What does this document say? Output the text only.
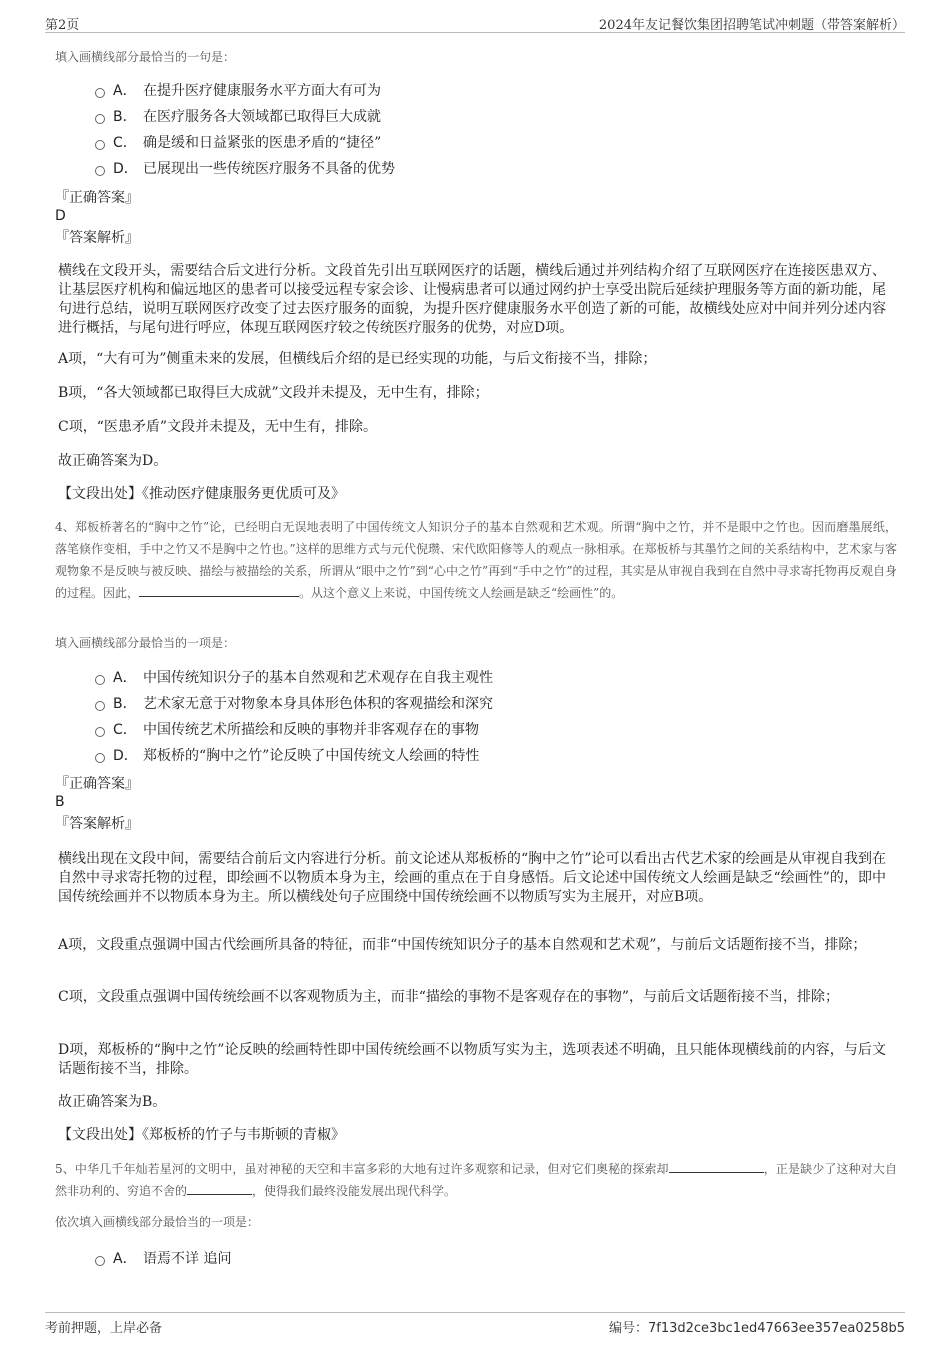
第2页	2024年友记餐饮集团招聘笔试冲刺题（带答案解析）
填入画横线部分最恰当的一句是：
A． 在提升医疗健康服务水平方面大有可为
B． 在医疗服务各大领域都已取得巨大成就
C． 确是缓和日益紧张的医患矛盾的“捷径”
D． 已展现出一些传统医疗服务不具备的优势
『正确答案』
D
『答案解析』
横线在文段开头，需要结合后文进行分析。文段首先引出互联网医疗的话题，横线后通过并列结构介绍了互联网医疗在连接医患双方、让基层医疗机构和偏远地区的患者可以接受远程专家会诊、让慢病患者可以通过网约护士享受出院后延续护理服务等方面的新功能，尾句进行总结，说明互联网医疗改变了过去医疗服务的面貌，为提升医疗健康服务水平创造了新的可能，故横线处应对中间并列分述内容进行概括，与尾句进行呼应，体现互联网医疗较之传统医疗服务的优势，对应D项。
A项，“大有可为”侧重未来的发展，但横线后介绍的是已经实现的功能，与后文衔接不当，排除；
B项，“各大领域都已取得巨大成就”文段并未提及，无中生有，排除；
C项，“医患矛盾”文段并未提及，无中生有，排除。
故正确答案为D。
【文段出处】《推动医疗健康服务更优质可及》
4、郑板桥著名的“胸中之竹”论，已经明白无误地表明了中国传统文人知识分子的基本自然观和艺术观。所谓“胸中之竹，并不是眼中之竹也。因而磨墨展纸，落笔倏作变相，手中之竹又不是胸中之竹也。”这样的思维方式与元代倪瓒、宋代欧阳修等人的观点一脉相承。在郑板桥与其墨竹之间的关系结构中，艺术家与客观物象不是反映与被反映、描绘与被描绘的关系，所谓从“眼中之竹”到“心中之竹”再到“手中之竹”的过程，其实是从审视自我到在自然中寻求寄托物再反观自身的过程。因此，	。从这个意义上来说，中国传统文人绘画是缺乏“绘画性”的。
填入画横线部分最恰当的一项是：
A． 中国传统知识分子的基本自然观和艺术观存在自我主观性
B． 艺术家无意于对物象本身具体形色体积的客观描绘和深究
C． 中国传统艺术所描绘和反映的事物并非客观存在的事物
D． 郑板桥的“胸中之竹”论反映了中国传统文人绘画的特性
『正确答案』
B
『答案解析』
横线出现在文段中间，需要结合前后文内容进行分析。前文论述从郑板桥的“胸中之竹”论可以看出古代艺术家的绘画是从审视自我到在自然中寻求寄托物的过程，即绘画不以物质本身为主，绘画的重点在于自身感悟。后文论述中国传统文人绘画是缺乏“绘画性”的，即中国传统绘画并不以物质本身为主。所以横线处句子应围绕中国传统绘画不以物质写实为主展开，对应B项。
A项，文段重点强调中国古代绘画所具备的特征，而非“中国传统知识分子的基本自然观和艺术观”，与前后文话题衔接不当，排除；
C项，文段重点强调中国传统绘画不以客观物质为主，而非“描绘的事物不是客观存在的事物”，与前后文话题衔接不当，排除；
D项，郑板桥的“胸中之竹”论反映的绘画特性即中国传统绘画不以物质写实为主，选项表述不明确，且只能体现横线前的内容，与后文话题衔接不当，排除。
故正确答案为B。
【文段出处】《郑板桥的竹子与韦斯顿的青椒》
5、中华几千年灿若星河的文明中，虽对神秘的天空和丰富多彩的大地有过许多观察和记录，但对它们奥秘的探索却	，正是缺少了这种对大自然非功利的、穷追不舍的	，使得我们最终没能发展出现代科学。
依次填入画横线部分最恰当的一项是：
A． 语焉不详 追问
考前押题，上岸必备	编号：7f13d2ce3bc1ed47663ee357ea0258b5
